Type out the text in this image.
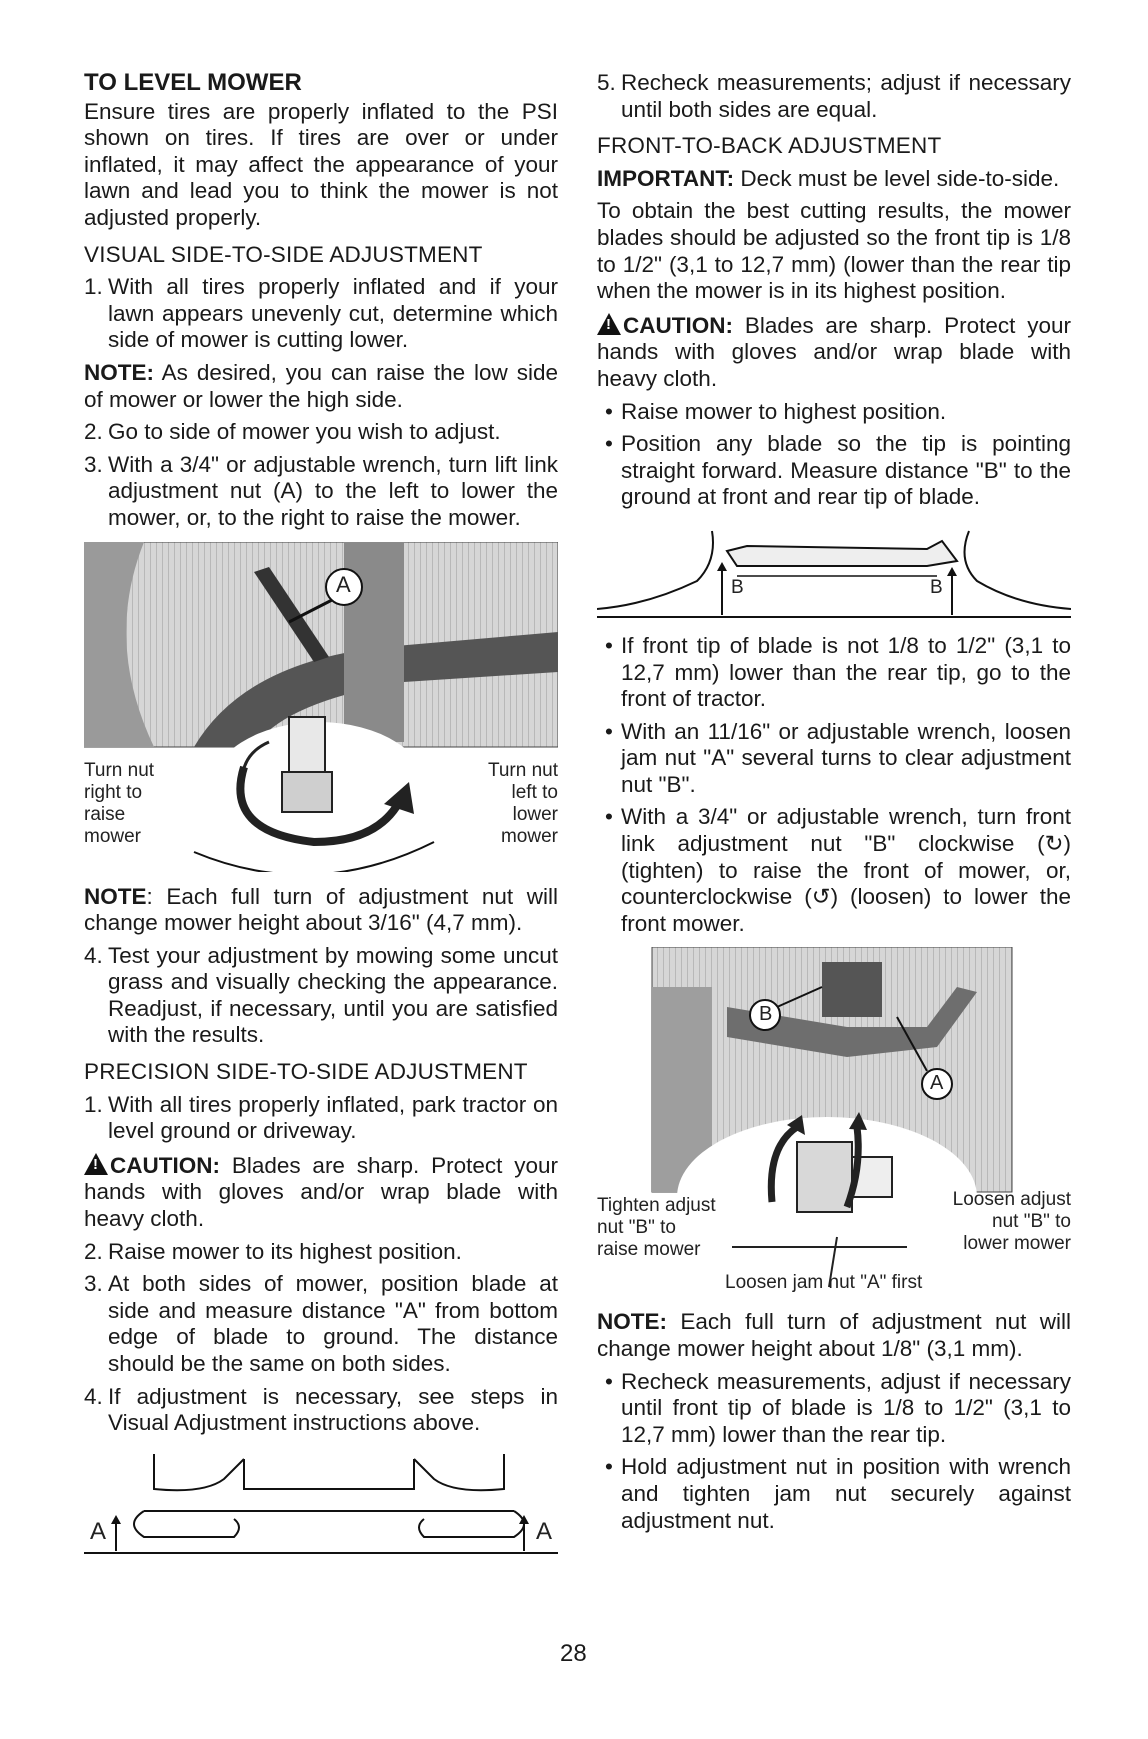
TO LEVEL MOWER

Ensure tires are properly inflated to the PSI shown on tires. If tires are over or under inflated, it may affect the appearance of your lawn and lead you to think the mower is not adjusted properly.

VISUAL SIDE-TO-SIDE ADJUSTMENT
1. With all tires properly inflated and if your lawn appears unevenly cut, determine which side of mower is cutting lower.

NOTE: As desired, you can raise the low side of mower or lower the high side.

2. Go to side of mower you wish to adjust.
3. With a 3/4" or adjustable wrench, turn lift link adjustment nut (A) to the left to lower the mower, or, to the right to raise the mower.
A
Turn nut
right to
raise
mower
Turn nut
left to
lower
mower

NOTE: Each full turn of adjustment nut will change mower height about 3/16" (4,7 mm).

4. Test your adjustment by mowing some uncut grass and visually checking the appearance. Readjust, if necessary, until you are satisfied with the results.
PRECISION SIDE-TO-SIDE ADJUSTMENT
1. With all tires properly inflated, park tractor on level ground or driveway.

!CAUTION: Blades are sharp. Protect your hands with gloves and/or wrap blade with heavy cloth.

2. Raise mower to its highest position.
3. At both sides of mower, position blade at side and measure distance "A" from bottom edge of blade to ground. The distance should be the same on both sides.
4. If adjustment is necessary, see steps in Visual Adjustment instructions above.
A	A
5. Recheck measurements; adjust if necessary until both sides are equal.
FRONT-TO-BACK ADJUSTMENT

IMPORTANT: Deck must be level side-to-side.

To obtain the best cutting results, the mower blades should be adjusted so the front tip is 1/8 to 1/2" (3,1 to 12,7 mm) (lower than the rear tip when the mower is in its highest position.

!CAUTION: Blades are sharp. Protect your hands with gloves and/or wrap blade with heavy cloth.

• Raise mower to highest position.
• Position any blade so the tip is pointing straight forward. Measure distance "B" to the ground at front and rear tip of blade.
B	B
• If front tip of blade is not 1/8 to 1/2" (3,1 to 12,7 mm) lower than the rear tip, go to the front of tractor.
• With an 11/16" or adjustable wrench, loosen jam nut "A" several turns to clear adjustment nut "B".
• With a 3/4" or adjustable wrench, turn front link adjustment nut "B" clockwise (↻) (tighten) to raise the front of mower, or, counterclockwise (↺) (loosen) to lower the front mower.
B
A
Tighten adjust
nut "B" to
raise mower
Loosen adjust
nut "B" to
lower mower
Loosen jam nut "A" first

NOTE: Each full turn of adjustment nut will change mower height about 1/8" (3,1 mm).

• Recheck measurements, adjust if necessary until front tip of blade is 1/8 to 1/2" (3,1 to 12,7 mm) lower than the rear tip.
• Hold adjustment nut in position with wrench and tighten jam nut securely against adjustment nut.
28
